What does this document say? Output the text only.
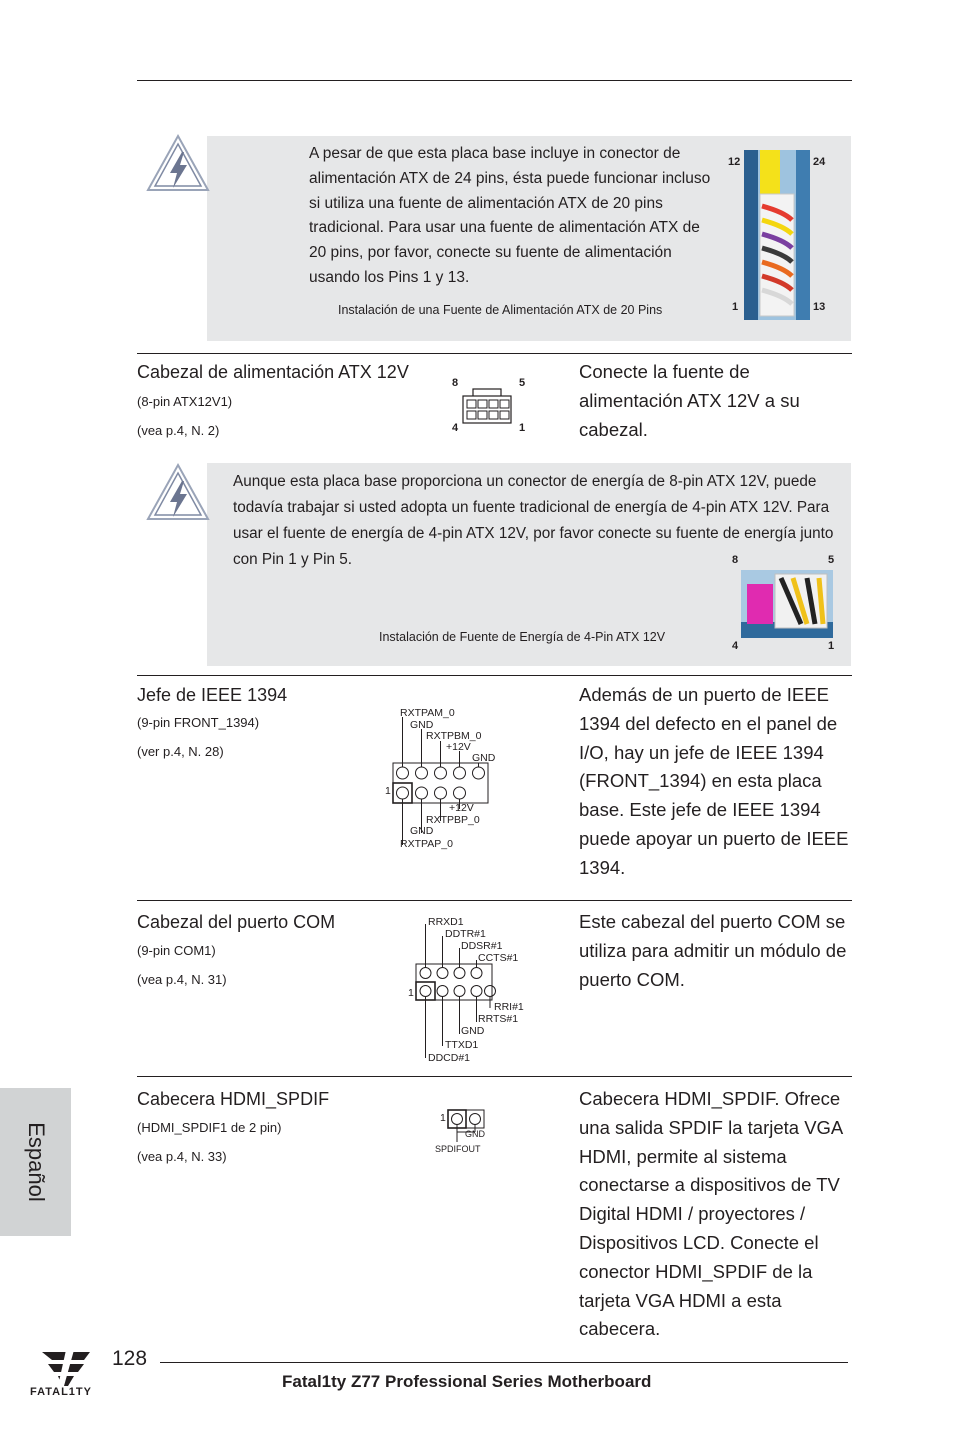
A pesar de que esta placa base incluye in conector de alimentación ATX de 24 pins, ésta puede funcionar incluso si utiliza una fuente de alimentación ATX de 20 pins tradicional. Para usar una fuente de alimentación ATX de 20 pins, por favor, conecte su fuente de alimentación usando los Pins 1 y 13.
Instalación de una Fuente de Alimentación ATX de 20 Pins
12	24
1	13
Cabezal de alimentación ATX 12V
(8-pin ATX12V1)
(vea p.4, N. 2)
Conecte la fuente de alimentación ATX 12V a su cabezal.
8	5
4	1
Aunque esta placa base proporciona un conector de energía de 8-pin ATX 12V, puede todavía trabajar si usted adopta un fuente tradicional de energía de 4-pin ATX 12V. Para usar el fuente de energía de 4-pin ATX 12V, por favor conecte su fuente de energía junto con Pin 1 y Pin 5.
Instalación de Fuente de Energía de 4-Pin ATX 12V
8	5
4	1
Jefe de IEEE 1394
(9-pin FRONT_1394)
(ver p.4, N. 28)
Además de un puerto de IEEE 1394 del defecto en el panel de I/O, hay un jefe de IEEE 1394 (FRONT_1394) en esta placa base. Este jefe de IEEE 1394 puede apoyar un puerto de IEEE 1394.
1
RXTPAM_0
GND
RXTPBM_0
+12V
GND
+12V
RXTPBP_0
GND
RXTPAP_0
Cabezal del puerto COM
(9-pin COM1)
(vea p.4, N. 31)
Este cabezal del puerto COM se utiliza para admitir un módulo de puerto COM.
1
RRXD1
DDTR#1
DDSR#1
CCTS#1
RRI#1
RRTS#1
GND
TTXD1
DDCD#1
Cabecera HDMI_SPDIF
(HDMI_SPDIF1 de 2 pin)
(vea p.4, N. 33)
Cabecera HDMI_SPDIF. Ofrece una salida SPDIF la tarjeta VGA HDMI, permite al sistema conectarse a dispositivos de TV Digital HDMI / proyectores / Dispositivos LCD. Conecte el conector HDMI_SPDIF de la tarjeta VGA HDMI a esta cabecera.
1
GND
SPDIFOUT
Español
FATAL1TY
128
Fatal1ty Z77 Professional Series Motherboard
